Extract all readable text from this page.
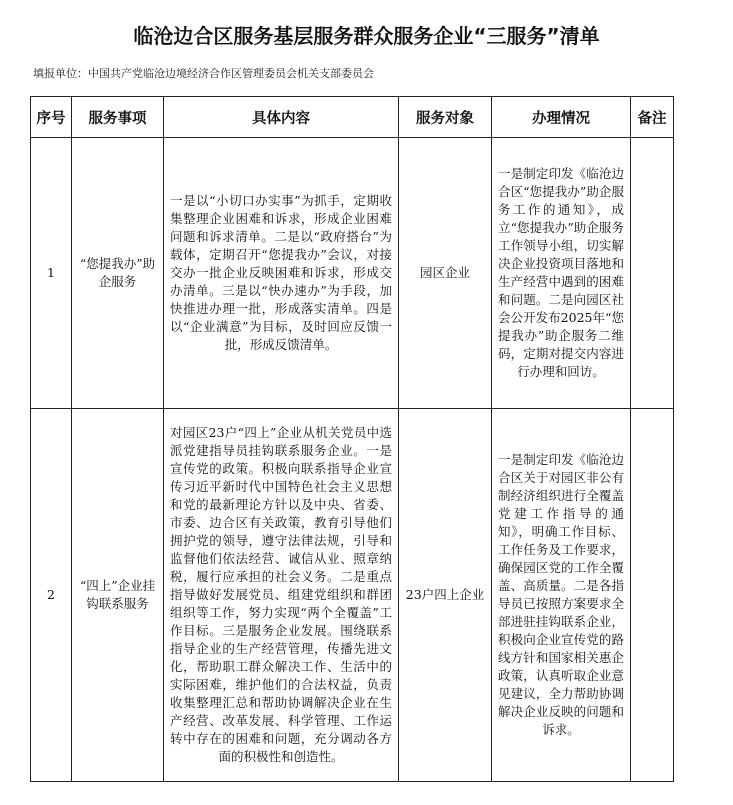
临沧边合区服务基层服务群众服务企业“三服务”清单
填报单位：中国共产党临沧边境经济合作区管理委员会机关支部委员会
序号	服务事项	具体内容	服务对象	办理情况	备注
1	“您提我办”助企服务	一是以“小切口办实事”为抓手，定期收集整理企业困难和诉求，形成企业困难问题和诉求清单。二是以“政府搭台”为载体，定期召开“您提我办”会议，对接交办一批企业反映困难和诉求，形成交办清单。三是以“快办速办”为手段，加快推进办理一批，形成落实清单。四是以“企业满意”为目标，及时回应反馈一批，形成反馈清单。	园区企业	一是制定印发《临沧边合区“您提我办”助企服务工作的通知》，成立“您提我办”助企服务工作领导小组，切实解决企业投资项目落地和生产经营中遇到的困难和问题。二是向园区社会公开发布2025年“您提我办”助企服务二维码，定期对提交内容进行办理和回访。	

2	“四上”企业挂钩联系服务	对园区23户“四上”企业从机关党员中选派党建指导员挂钩联系服务企业。一是宣传党的政策。积极向联系指导企业宣传习近平新时代中国特色社会主义思想和党的最新理论方针以及中央、省委、市委、边合区有关政策，教育引导他们拥护党的领导，遵守法律法规，引导和监督他们依法经营、诚信从业、照章纳税，履行应承担的社会义务。二是重点指导做好发展党员、组建党组织和群团组织等工作，努力实现“两个全覆盖”工作目标。三是服务企业发展。围绕联系指导企业的生产经营管理，传播先进文化，帮助职工群众解决工作、生活中的实际困难，维护他们的合法权益，负责收集整理汇总和帮助协调解决企业在生产经营、改革发展、科学管理、工作运转中存在的困难和问题，充分调动各方面的积极性和创造性。	23户四上企业	一是制定印发《临沧边合区关于对园区非公有制经济组织进行全覆盖党建工作指导的通知》，明确工作目标、工作任务及工作要求，确保园区党的工作全覆盖、高质量。二是各指导员已按照方案要求全部进驻挂钩联系企业，积极向企业宣传党的路线方针和国家相关惠企政策，认真听取企业意见建议，全力帮助协调解决企业反映的问题和诉求。	
